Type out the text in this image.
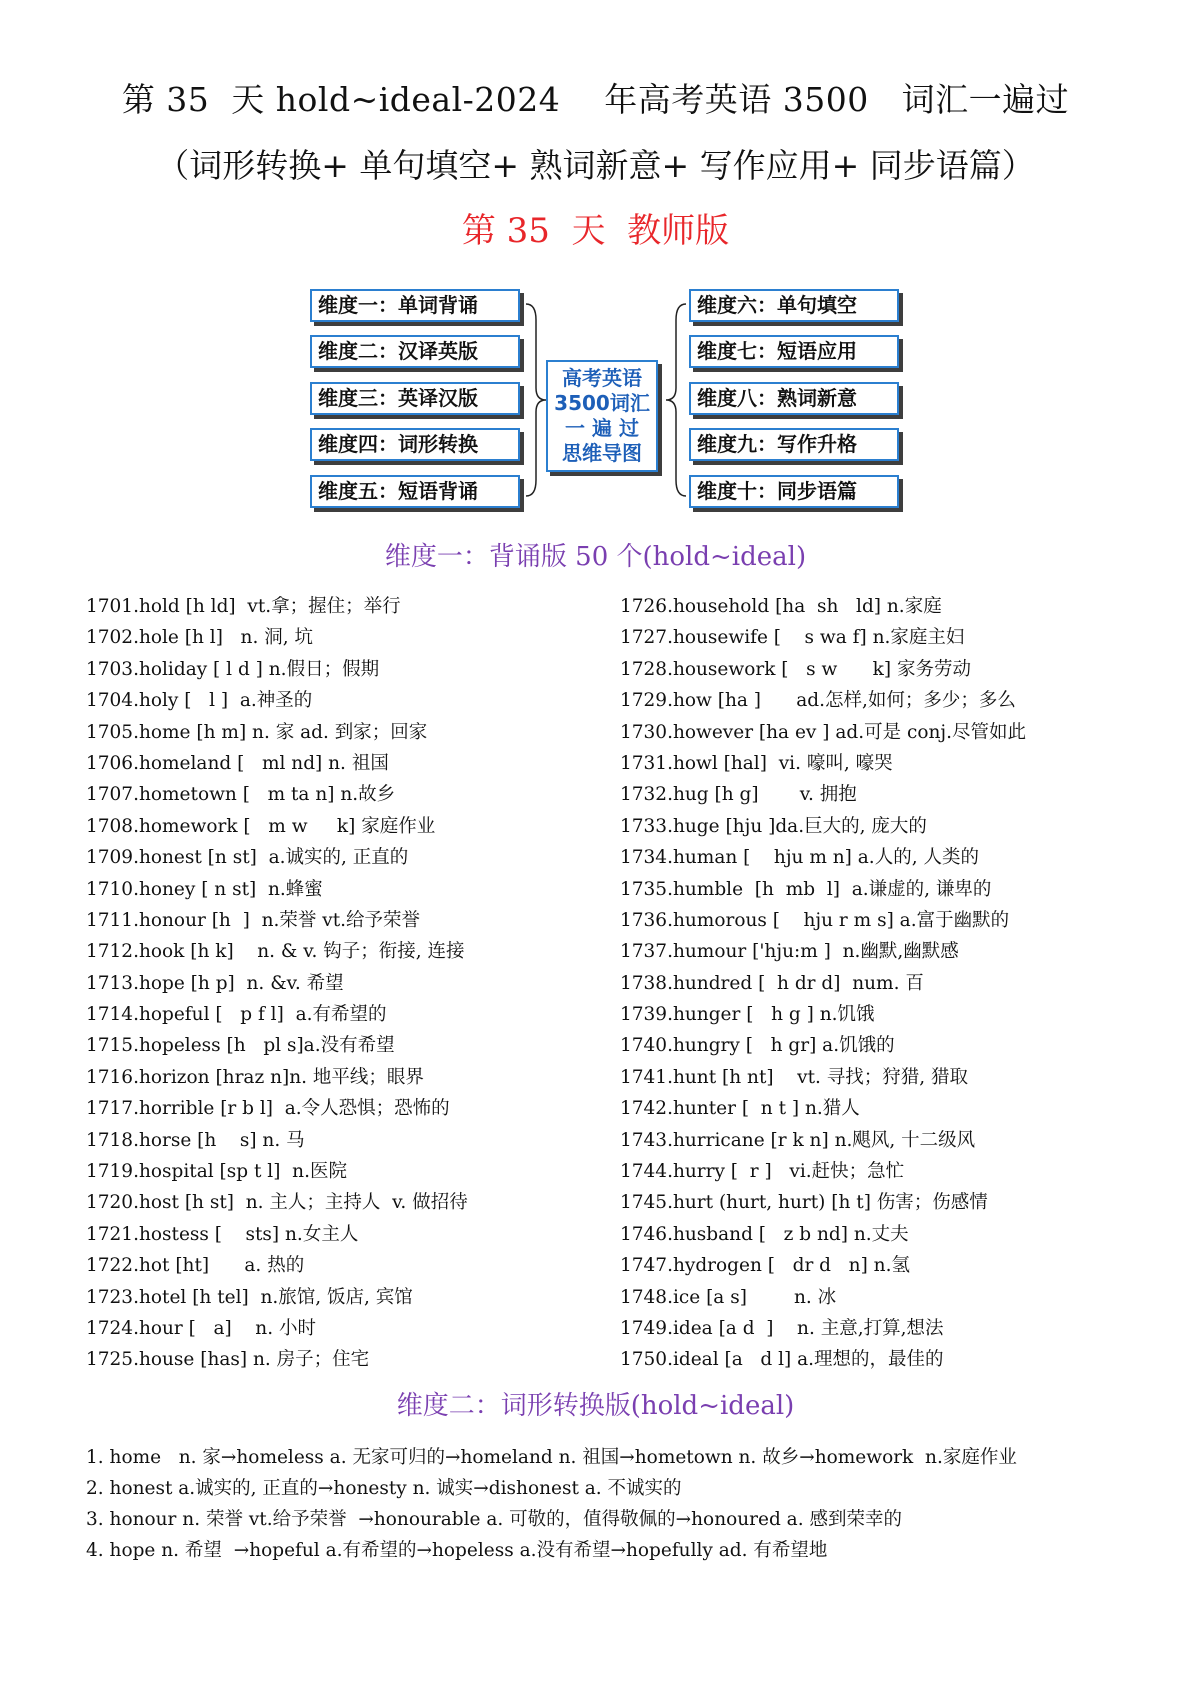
第 35  天 hold~ideal-2024    年高考英语 3500   词汇一遍过
（词形转换+ 单句填空+ 熟词新意+ 写作应用+ 同步语篇）
第 35  天  教师版
维度一：单词背诵
维度二：汉译英版
维度三：英译汉版
维度四：词形转换
维度五：短语背诵
维度六：单句填空
维度七：短语应用
维度八：熟词新意
维度九：写作升格
维度十：同步语篇
高考英语
3500词汇
一 遍 过
思维导图
维度一：背诵版 50 个(hold~ideal)
1701.hold [h ld]  vt.拿；握住；举行
1702.hole [h l]   n. 洞, 坑
1703.holiday [ l d ] n.假日；假期
1704.holy [   l ]  a.神圣的
1705.home [h m] n. 家 ad. 到家；回家
1706.homeland [   ml nd] n. 祖国
1707.hometown [   m ta n] n.故乡
1708.homework [   m w     k] 家庭作业
1709.honest [n st]  a.诚实的, 正直的
1710.honey [ n st]  n.蜂蜜
1711.honour [h  ]  n.荣誉 vt.给予荣誉
1712.hook [h k]    n. & v. 钩子；衔接, 连接
1713.hope [h p]  n. &v. 希望
1714.hopeful [   p f l]  a.有希望的
1715.hopeless [h   pl s]a.没有希望
1716.horizon [hraz n]n. 地平线；眼界
1717.horrible [r b l]  a.令人恐惧；恐怖的
1718.horse [h    s] n. 马
1719.hospital [sp t l]  n.医院
1720.host [h st]  n. 主人；主持人  v. 做招待
1721.hostess [    sts] n.女主人
1722.hot [ht]      a. 热的
1723.hotel [h tel]  n.旅馆, 饭店, 宾馆
1724.hour [   a]    n. 小时
1725.house [has] n. 房子；住宅
1726.household [ha  sh   ld] n.家庭
1727.housewife [    s wa f] n.家庭主妇
1728.housework [   s w      k] 家务劳动
1729.how [ha ]      ad.怎样,如何；多少；多么
1730.however [ha ev ] ad.可是 conj.尽管如此
1731.howl [hal]  vi. 嚎叫, 嚎哭
1732.hug [h g]       v. 拥抱
1733.huge [hju ]da.巨大的, 庞大的
1734.human [    hju m n] a.人的, 人类的
1735.humble  [h  mb  l]  a.谦虚的, 谦卑的
1736.humorous [    hju r m s] a.富于幽默的
1737.humour ['hju:m ]  n.幽默,幽默感
1738.hundred [  h dr d]  num. 百
1739.hunger [   h g ] n.饥饿
1740.hungry [   h gr] a.饥饿的
1741.hunt [h nt]    vt. 寻找；狩猎, 猎取
1742.hunter [  n t ] n.猎人
1743.hurricane [r k n] n.飓风, 十二级风
1744.hurry [  r ]   vi.赶快；急忙
1745.hurt (hurt, hurt) [h t] 伤害；伤感情
1746.husband [   z b nd] n.丈夫
1747.hydrogen [   dr d   n] n.氢
1748.ice [a s]        n. 冰
1749.idea [a d  ]    n. 主意,打算,想法
1750.ideal [a   d l] a.理想的，最佳的
维度二：词形转换版(hold~ideal)
1. home   n. 家→homeless a. 无家可归的→homeland n. 祖国→hometown n. 故乡→homework  n.家庭作业
2. honest a.诚实的, 正直的→honesty n. 诚实→dishonest a. 不诚实的
3. honour n. 荣誉 vt.给予荣誉  →honourable a. 可敬的，值得敬佩的→honoured a. 感到荣幸的
4. hope n. 希望  →hopeful a.有希望的→hopeless a.没有希望→hopefully ad. 有希望地
